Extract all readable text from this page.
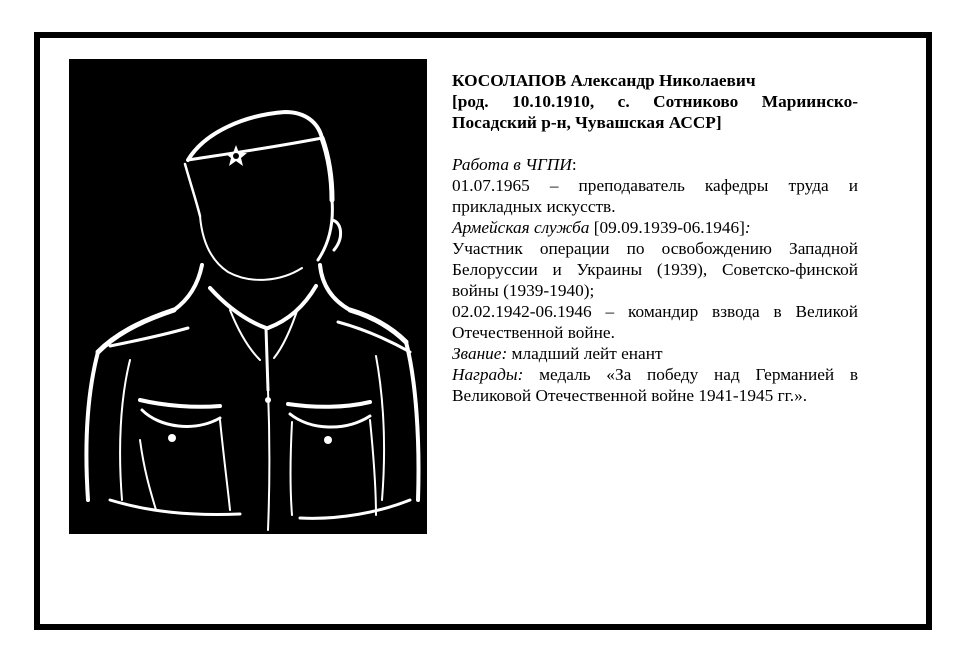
КОСОЛАПОВ Александр Николаевич

[род. 10.10.1910, с. Сотниково Мариинско-Посадский р-н, Чувашская АССР]

Работа в ЧГПИ:

01.07.1965 – преподаватель кафедры труда и прикладных искусств.

Армейская служба [09.09.1939-06.1946]:

Участник операции по освобождению Западной Белоруссии и Украины (1939), Советско-финской войны (1939-1940);

02.02.1942-06.1946 – командир взвода в Великой Отечественной войне.

Звание: младший лейт енант

Награды: медаль «За победу над Германией в Великовой Отечественной войне 1941-1945 гг.».
